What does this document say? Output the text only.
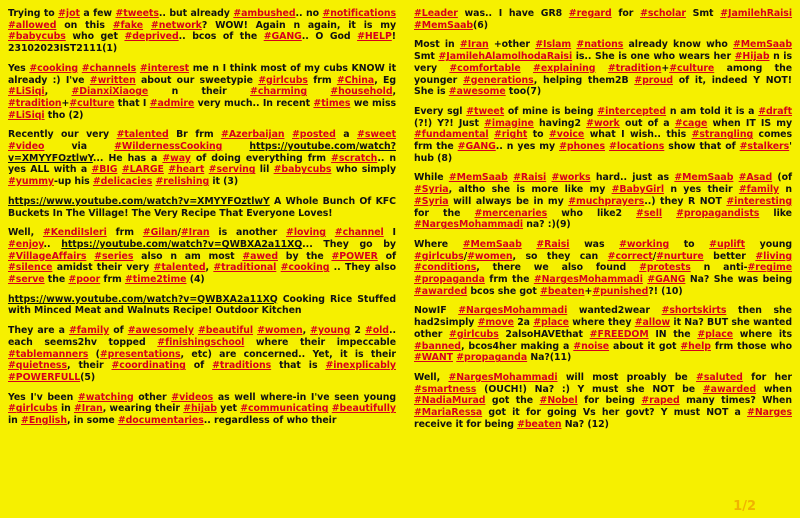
Trying to #jot a few #tweets.. but already #ambushed.. no #notifications #allowed on this #fake #network? WOW! Again n again, it is my #babycubs who get #deprived.. bcos of the #GANG.. O God #HELP! 23102023IST2111(1)

Yes #cooking #channels #interest me n I think most of my cubs KNOW it already :) I've #written about our sweetypie #girlcubs frm #China, Eg #LiSiqi, #DianxiXiaoge n their #charming #household, #tradition+#culture that I #admire very much.. In recent #times we miss #LiSiqi tho (2)

Recently our very #talented Br frm #Azerbaijan #posted a #sweet #video via #WildernessCooking	https://youtube.com/watch?v=XMYYFOztlwY... He has a #way of doing everything frm #scratch.. n yes ALL with a #BIG #LARGE #heart #serving lil #babycubs who simply #yummy-up his #delicacies #relishing it (3)

https://www.youtube.com/watch?v=XMYYFOztlwY A Whole Bunch Of KFC Buckets In The Village! The Very Recipe That Everyone Loves!

Well, #KendiIsleri frm #Gilan/#Iran is another #loving #channel I #enjoy.. https://youtube.com/watch?v=QWBXA2a11XQ... They go by #VillageAffairs #series also n am most #awed by the #POWER of #silence amidst their very #talented, #traditional #cooking .. They also #serve the #poor frm #time2time (4)

https://www.youtube.com/watch?v=QWBXA2a11XQ Cooking Rice Stuffed with Minced Meat and Walnuts Recipe! Outdoor Kitchen

They are a #family of #awesomely #beautiful #women, #young 2 #old.. each seems2hv topped #finishingschool where their impeccable #tablemanners (#presentations, etc) are concerned.. Yet, it is their #quietness, their #coordinating of #traditions that is #inexplicably #POWERFULL(5)

Yes I'v been #watching other #videos as well where-in I've seen young #girlcubs in #Iran, wearing their #hijab yet #communicating #beautifully in #English, in some #documentaries.. regardless of who their

#Leader was.. I have GR8 #regard for #scholar Smt #JamilehRaisi #MemSaab(6)

Most in #Iran +other #Islam #nations already know who #MemSaab Smt #JamilehAlamolhodaRaisi is.. She is one who wears her #Hijab n is very #comfortable #explaining #tradition+#culture among the younger #generations, helping them2B #proud of it, indeed Y NOT! She is #awesome too(7)

Every sgl #tweet of mine is being #intercepted n am told it is a #draft (?!) Y?! Just #imagine having2 #work out of a #cage when IT IS my #fundamental #right to #voice what I wish.. this #strangling comes frm the #GANG.. n yes my #phones #locations show that of #stalkers' hub (8)

While #MemSaab #Raisi #works hard.. just as #MemSaab #Asad (of #Syria, altho she is more like my #BabyGirl n yes their #family n #Syria will always be in my #muchprayers..) they R NOT #interesting for the #mercenaries who like2 #sell #propagandists like #NargesMohammadi na? :)(9)

Where #MemSaab #Raisi was #working to #uplift young #girlcubs/#women, so they can #correct/#nurture better #living #conditions, there we also found #protests n anti-#regime #propaganda frm the #NargesMohammadi #GANG Na? She was being #awarded bcos she got #beaten+#punished?! (10)

NowIF #NargesMohammadi wanted2wear #shortskirts then she had2simply #move 2a #place where they #allow it Na? BUT she wanted other #girlcubs 2alsoHAVEthat #FREEDOM IN the #place where its #banned, bcos4her making a #noise about it got #help frm those who #WANT #propaganda Na?(11)

Well, #NargesMohammadi will most proably be #saluted for her #smartness (OUCH!) Na? :) Y must she NOT be #awarded when #NadiaMurad got the #Nobel for being #raped many times? When #MariaRessa got it for going Vs her govt? Y must NOT a #Narges receive it for being #beaten Na? (12)

1/2
